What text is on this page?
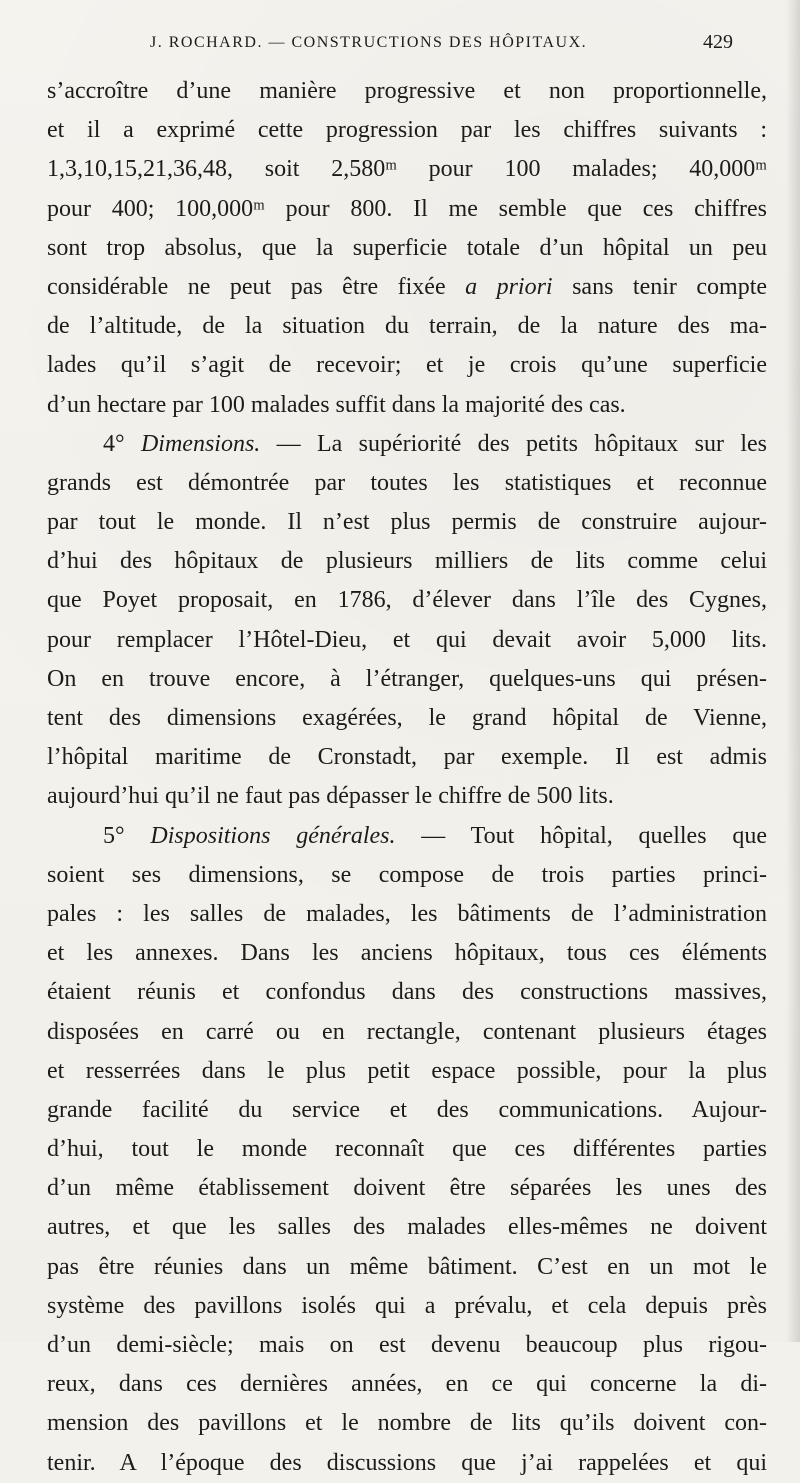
J. ROCHARD. — CONSTRUCTIONS DES HÔPITAUX.	429
s’accroître d’une manière progressive et non proportionnelle,
et il a exprimé cette progression par les chiffres suivants :
1,3,10,15,21,36,48, soit 2,580ᵐ pour 100 malades; 40,000ᵐ
pour 400; 100,000ᵐ pour 800. Il me semble que ces chiffres
sont trop absolus, que la superficie totale d’un hôpital un peu
considérable ne peut pas être fixée a priori sans tenir compte
de l’altitude, de la situation du terrain, de la nature des ma-
lades qu’il s’agit de recevoir; et je crois qu’une superficie
d’un hectare par 100 malades suffit dans la majorité des cas.
4° Dimensions. — La supériorité des petits hôpitaux sur les
grands est démontrée par toutes les statistiques et reconnue
par tout le monde. Il n’est plus permis de construire aujour-
d’hui des hôpitaux de plusieurs milliers de lits comme celui
que Poyet proposait, en 1786, d’élever dans l’île des Cygnes,
pour remplacer l’Hôtel-Dieu, et qui devait avoir 5,000 lits.
On en trouve encore, à l’étranger, quelques-uns qui présen-
tent des dimensions exagérées, le grand hôpital de Vienne,
l’hôpital maritime de Cronstadt, par exemple. Il est admis
aujourd’hui qu’il ne faut pas dépasser le chiffre de 500 lits.
5° Dispositions générales. — Tout hôpital, quelles que
soient ses dimensions, se compose de trois parties princi-
pales : les salles de malades, les bâtiments de l’administration
et les annexes. Dans les anciens hôpitaux, tous ces éléments
étaient réunis et confondus dans des constructions massives,
disposées en carré ou en rectangle, contenant plusieurs étages
et resserrées dans le plus petit espace possible, pour la plus
grande facilité du service et des communications. Aujour-
d’hui, tout le monde reconnaît que ces différentes parties
d’un même établissement doivent être séparées les unes des
autres, et que les salles des malades elles-mêmes ne doivent
pas être réunies dans un même bâtiment. C’est en un mot le
système des pavillons isolés qui a prévalu, et cela depuis près
d’un demi-siècle; mais on est devenu beaucoup plus rigou-
reux, dans ces dernières années, en ce qui concerne la di-
mension des pavillons et le nombre de lits qu’ils doivent con-
tenir. A l’époque des discussions que j’ai rappelées et qui
